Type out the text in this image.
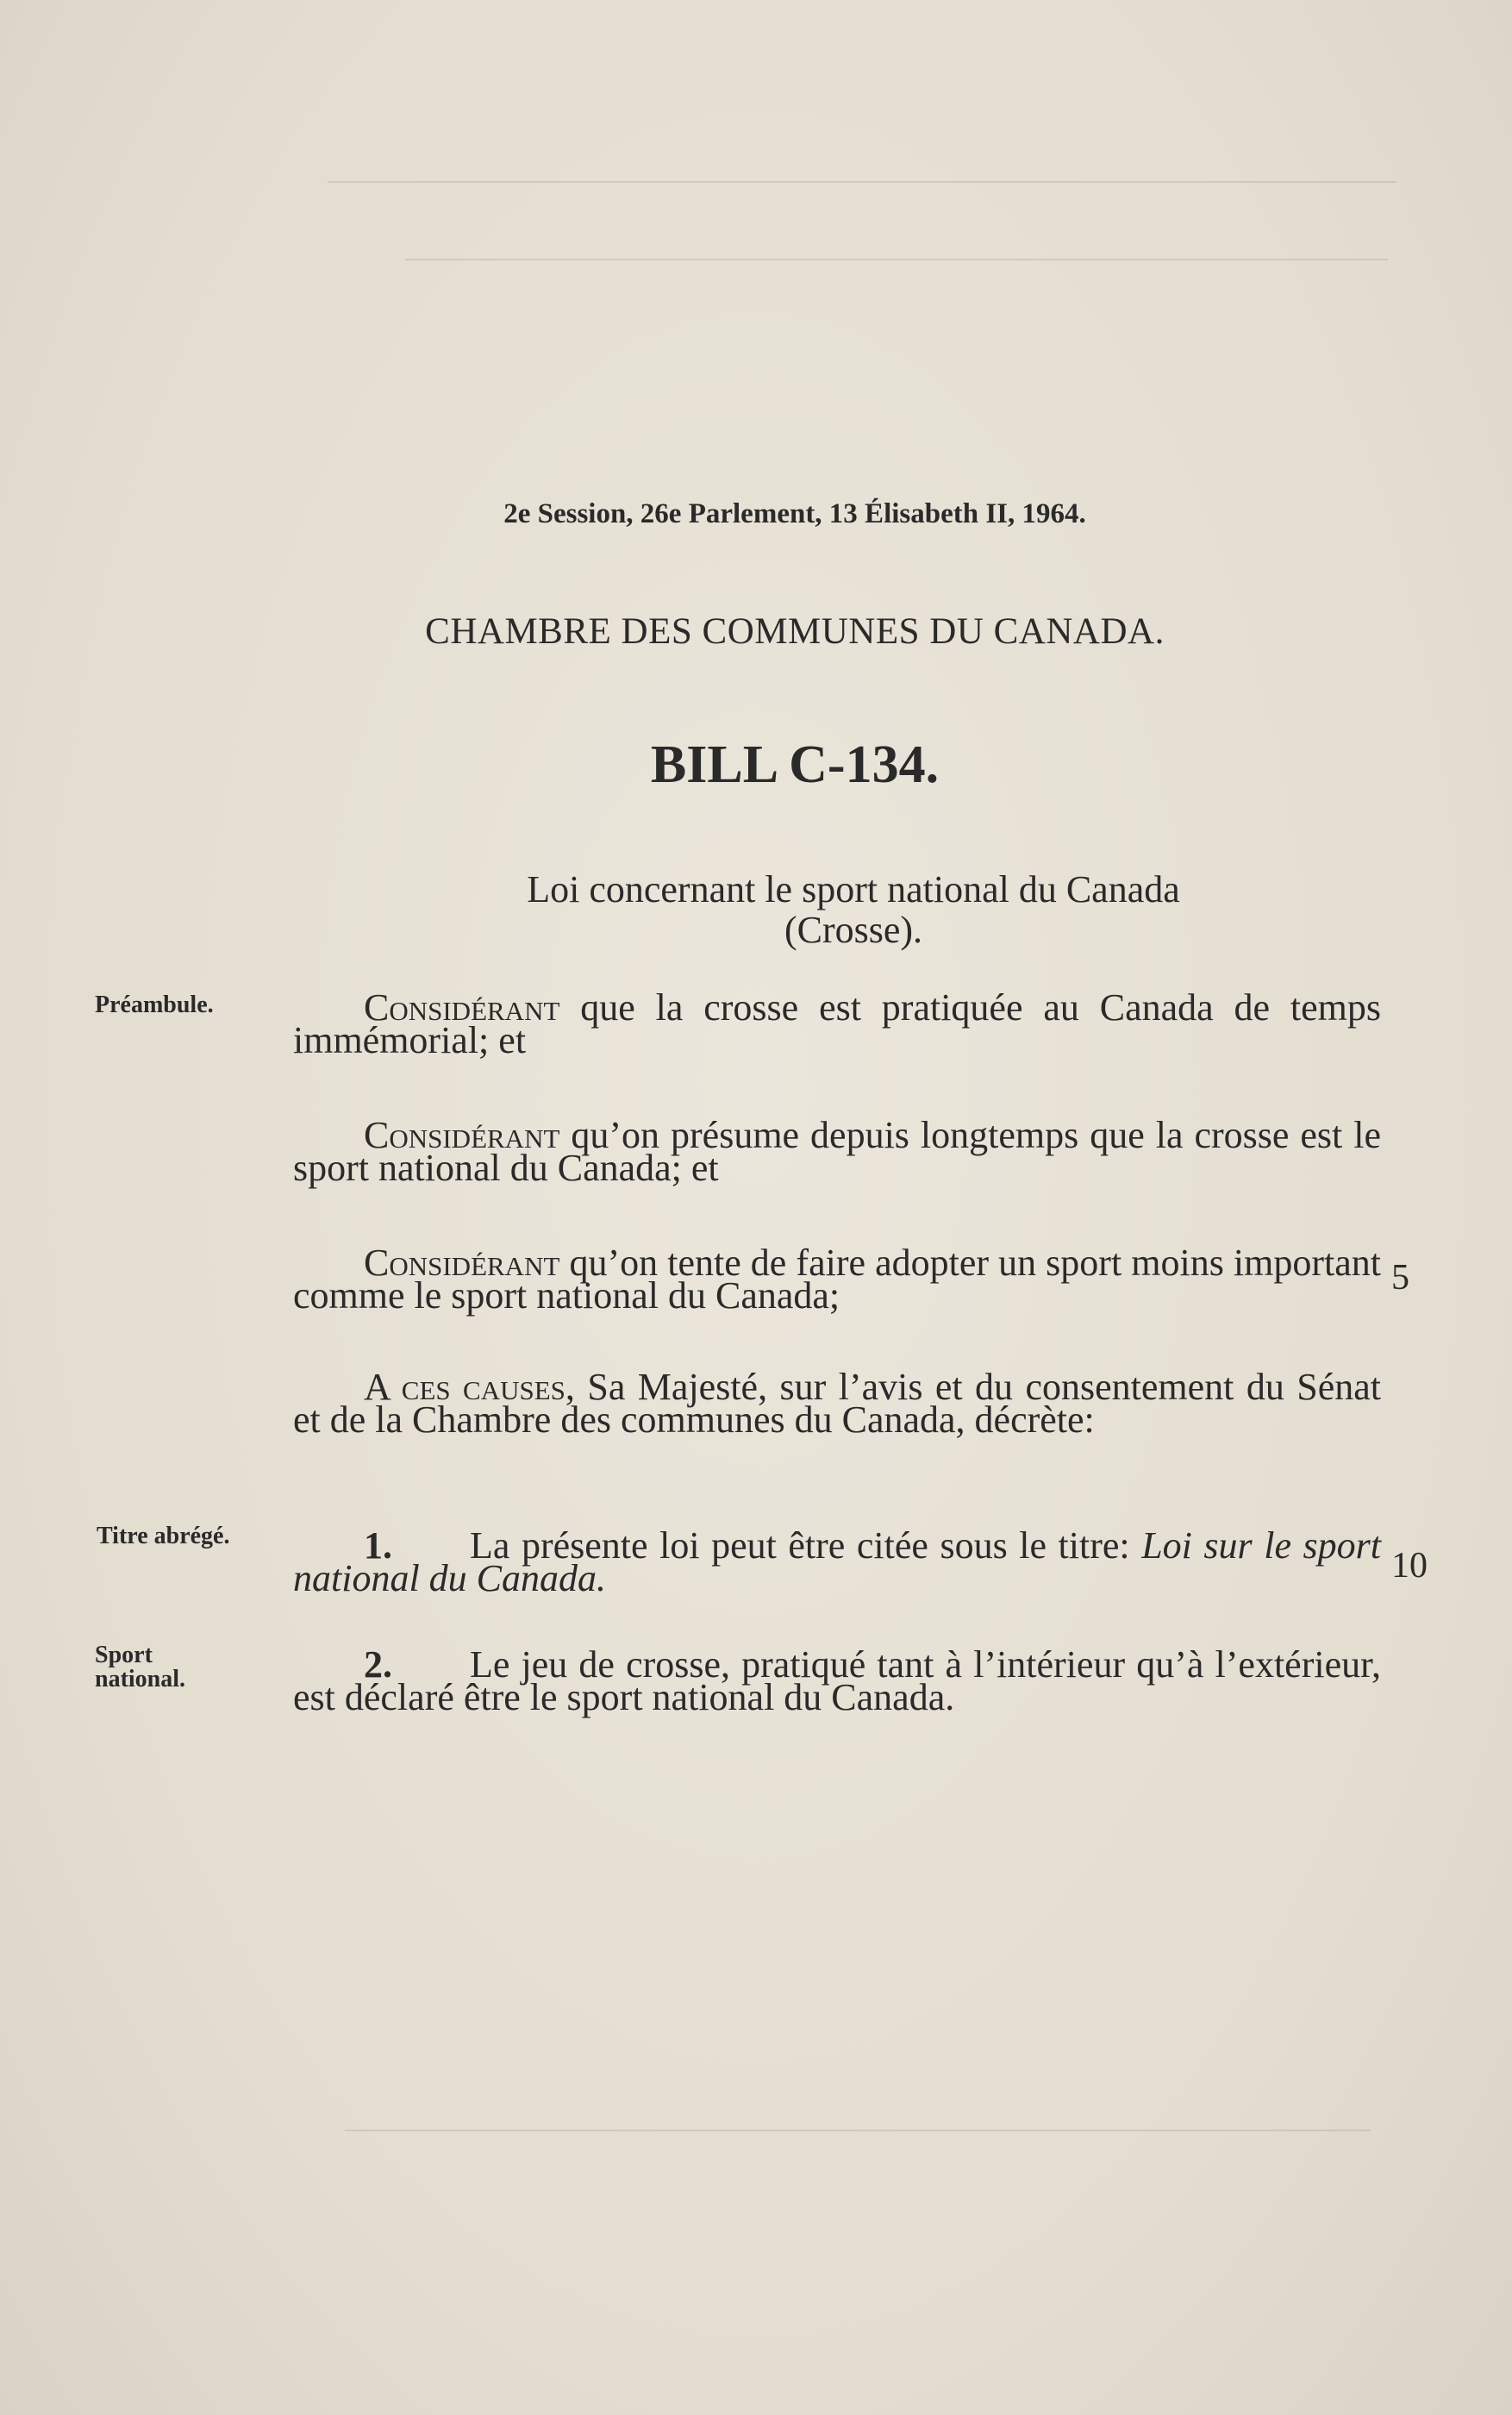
2e Session, 26e Parlement, 13 Élisabeth II, 1964.
CHAMBRE DES COMMUNES DU CANADA.
BILL C-134.
Loi concernant le sport national du Canada
(Crosse).
Préambule.
Titre abrégé.
Sport
national.

Considérant que la crosse est pratiquée au Canada de temps immémorial; et

Considérant qu’on présume depuis longtemps que la crosse est le sport national du Canada; et

Considérant qu’on tente de faire adopter un sport moins important comme le sport national du Canada;

A ces causes, Sa Majesté, sur l’avis et du consentement du Sénat et de la Chambre des communes du Canada, décrète:

1. La présente loi peut être citée sous le titre: Loi sur le sport national du Canada.

2. Le jeu de crosse, pratiqué tant à l’intérieur qu’à l’extérieur, est déclaré être le sport national du Canada.

5
10
